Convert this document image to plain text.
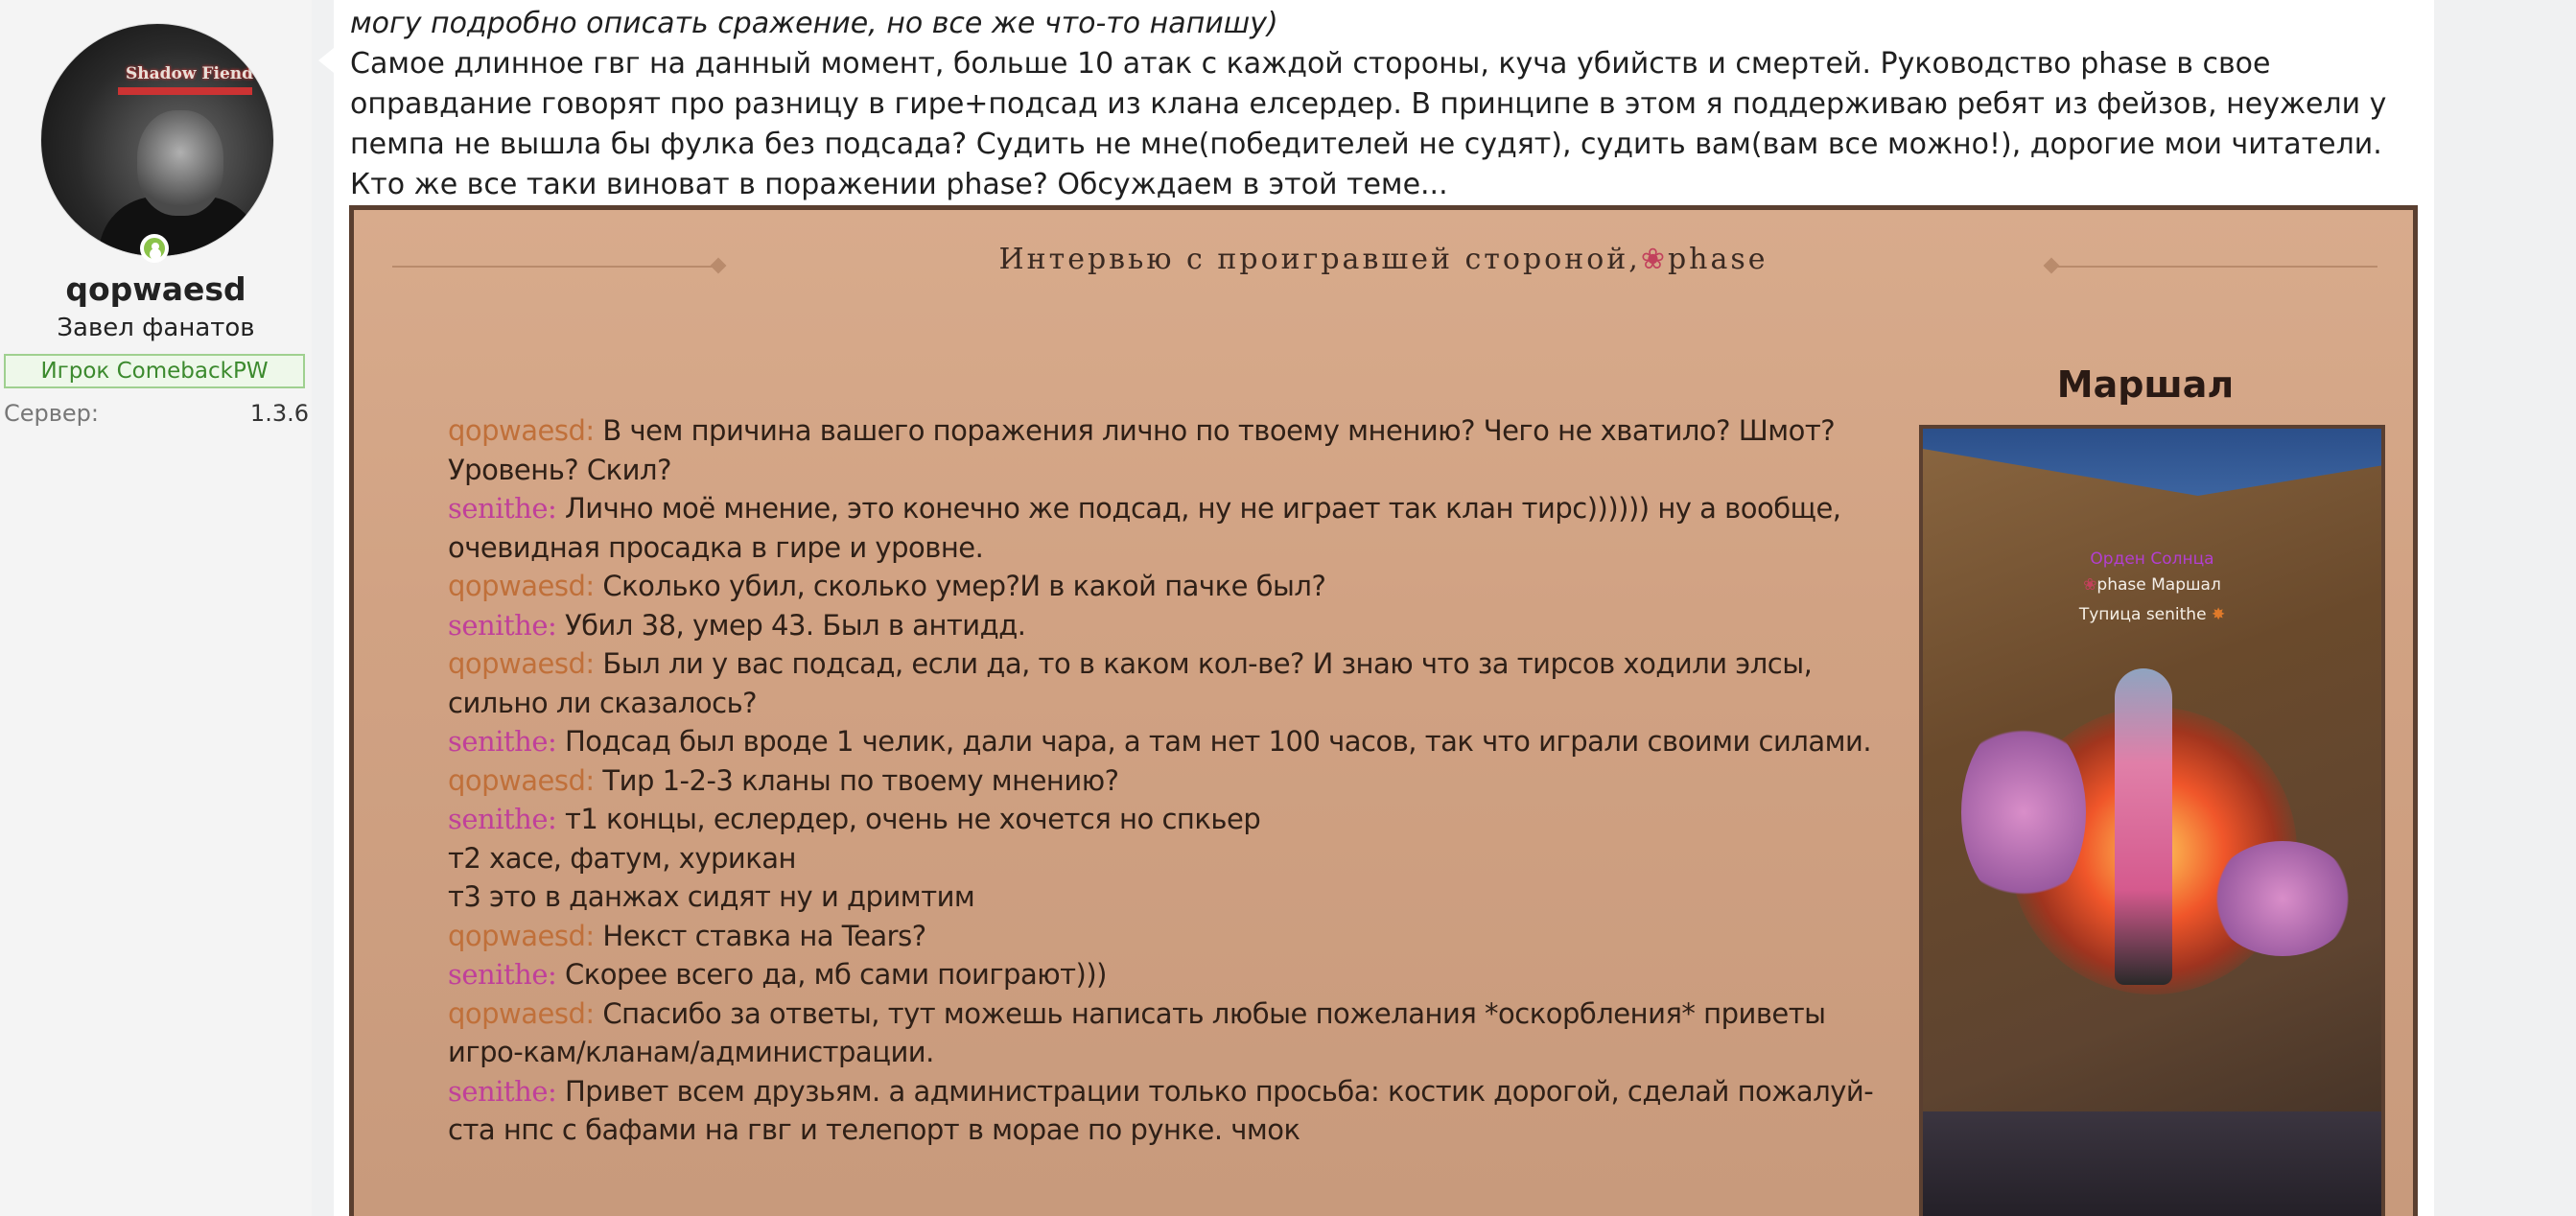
Shadow Fiend
qopwaesd
Завел фанатов
Игрок ComebackPW
Сервер:	1.3.6
могу подробно описать сражение, но все же что-то напишу)
Самое длинное гвг на данный момент, больше 10 атак с каждой стороны, куча убийств и смертей. Руководство phase в свое оправдание говорят про разницу в гире+подсад из клана елсердер. В принципе в этом я поддерживаю ребят из фейзов, неужели у пемпа не вышла бы фулка без подсада? Судить не мне(победителей не судят), судить вам(вам все можно!), дорогие мои читатели. Кто же все таки виноват в поражении phase? Обсуждаем в этой теме...
Интервью с проигравшей стороной,❀phase
qopwaesd: В чем причина вашего поражения лично по твоему мнению? Чего не хватило? Шмот? Уровень? Скил?
senithe: Лично моё мнение, это конечно же подсад, ну не играет так клан тирс)))))) ну а вообще, очевидная просадка в гире и уровне.
qopwaesd: Сколько убил, сколько умер?И в какой пачке был?
senithe: Убил 38, умер 43. Был в антидд.
qopwaesd: Был ли у вас подсад, если да, то в каком кол-ве? И знаю что за тирсов ходили элсы, сильно ли сказалось?
senithe: Подсад был вроде 1 челик, дали чара, а там нет 100 часов, так что играли своими силами.
qopwaesd: Тир 1-2-3 кланы по твоему мнению?
senithe: т1 концы, еслердер, очень не хочется но спкьер
т2 хасе, фатум, хурикан
т3 это в данжах сидят ну и дримтим
qopwaesd: Некст ставка на Tears?
senithe: Скорее всего да, мб сами поиграют)))
qopwaesd: Спасибо за ответы, тут можешь написать любые пожелания *оскорбления* приветы игро-кам/кланам/администрации.
senithe: Привет всем друзьям. а администрации только просьба: костик дорогой, сделай пожалуй-ста нпс с бафами на гвг и телепорт в морае по рунке. чмок
Маршал
Орден Солнца
❀phase Маршал
Тупица senithe ✸
